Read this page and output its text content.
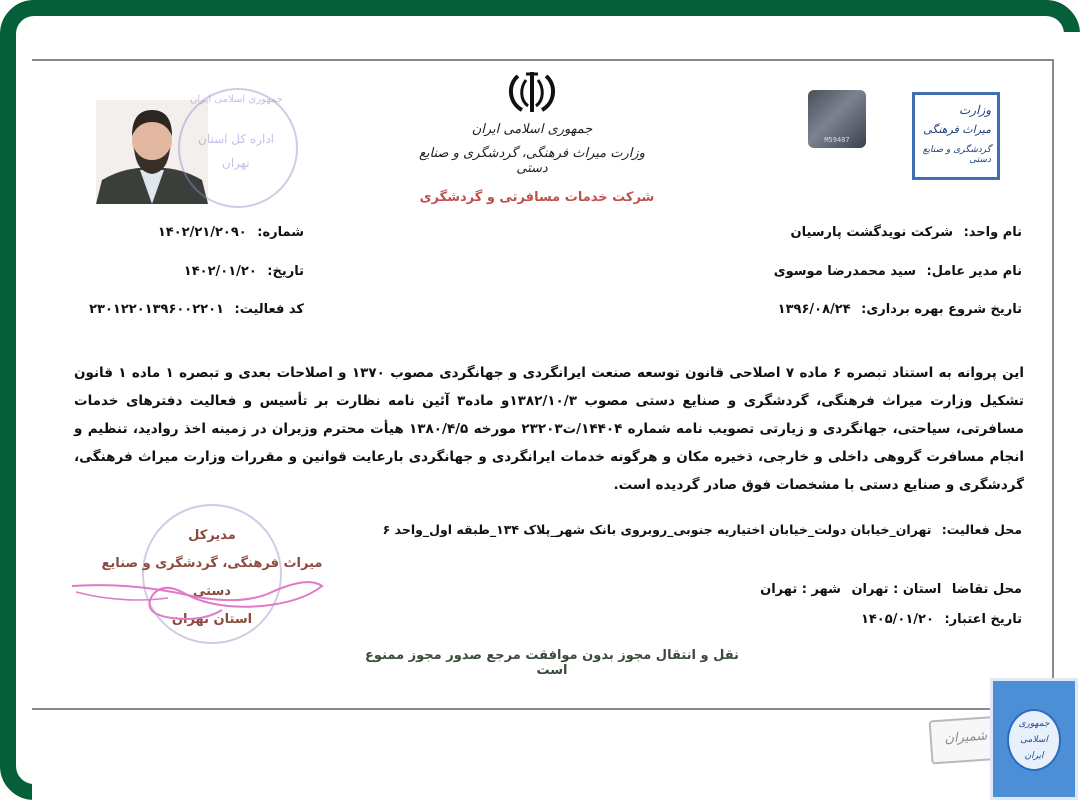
جمهوری اسلامی ایران
وزارت میراث فرهنگی، گردشگری و صنایع دستی
شرکت خدمات مسافرتی و گردشگری
جمهوری اسلامی ایران
اداره کل استان
تهران
M59407
وزارت
میراث فرهنگی
گردشگری و صنایع دستی
نام واحد: شرکت نویدگشت پارسیان
نام مدیر عامل: سید محمدرضا موسوی
تاریخ شروع بهره برداری: ۱۳۹۶/۰۸/۲۴
شماره: ۱۴۰۲/۲۱/۲۰۹۰
تاریخ: ۱۴۰۲/۰۱/۲۰
کد فعالیت: ۲۳۰۱۲۲۰۱۳۹۶۰۰۲۲۰۱
این پروانه به استناد تبصره ۶ ماده ۷ اصلاحی قانون توسعه صنعت ایرانگردی و جهانگردی مصوب ۱۳۷۰ و اصلاحات بعدی و تبصره ۱ ماده ۱ قانون تشکیل وزارت میراث فرهنگی، گردشگری و صنایع دستی مصوب ۱۳۸۲/۱۰/۳و ماده۳ آئین نامه نظارت بر تأسیس و فعالیت دفترهای خدمات مسافرتی، سیاحتی، جهانگردی و زیارتی تصویب نامه شماره ۱۴۴۰۴/ت۲۳۲۰۳ مورخه ۱۳۸۰/۴/۵ هیأت محترم وزیران در زمینه اخذ روادید، تنظیم و انجام مسافرت گروهی داخلی و خارجی، ذخیره مکان و هرگونه خدمات ایرانگردی و جهانگردی بارعایت قوانین و مقررات وزارت میراث فرهنگی، گردشگری و صنایع دستی با مشخصات فوق صادر گردیده است.
محل فعالیت: تهران_خیابان دولت_خیابان اختیاریه جنوبی_روبروی بانک شهر_پلاک ۱۳۴_طبقه اول_واحد ۶
مدیرکل
میراث فرهنگی، گردشگری و صنایع دستی
استان تهران
محل تقاضا استان : تهران شهر : تهران
تاریخ اعتبار: ۱۴۰۵/۰۱/۲۰
نقل و انتقال مجوز بدون موافقت مرجع صدور مجوز ممنوع است
شمیران
جمهوری
اسلامی
ایران
